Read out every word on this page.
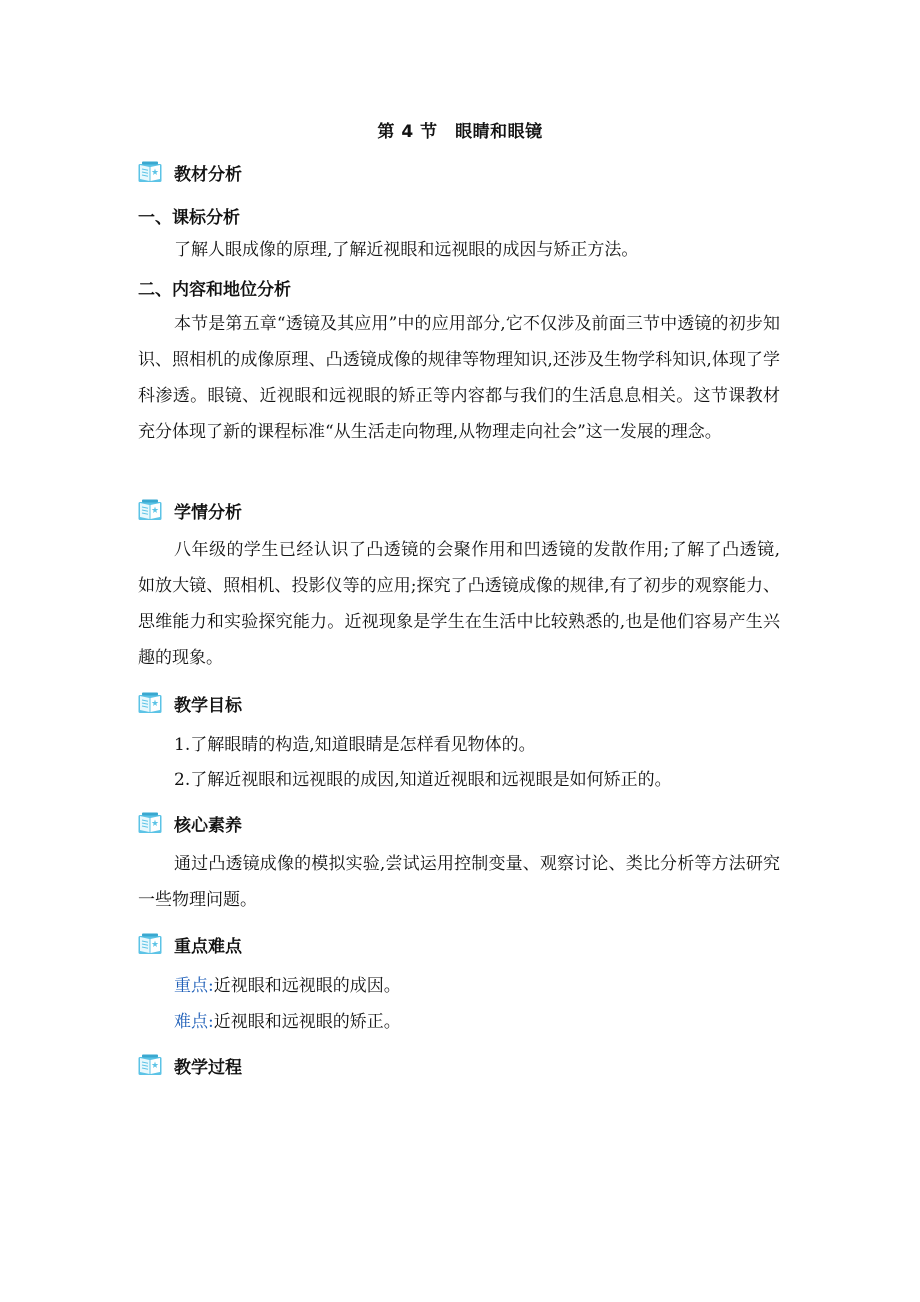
第 4 节　眼睛和眼镜
教材分析
一、课标分析

了解人眼成像的原理,了解近视眼和远视眼的成因与矫正方法。

二、内容和地位分析

本节是第五章“透镜及其应用”中的应用部分,它不仅涉及前面三节中透镜的初步知识、照相机的成像原理、凸透镜成像的规律等物理知识,还涉及生物学科知识,体现了学科渗透。眼镜、近视眼和远视眼的矫正等内容都与我们的生活息息相关。这节课教材充分体现了新的课程标准“从生活走向物理,从物理走向社会”这一发展的理念。

学情分析

八年级的学生已经认识了凸透镜的会聚作用和凹透镜的发散作用;了解了凸透镜,如放大镜、照相机、投影仪等的应用;探究了凸透镜成像的规律,有了初步的观察能力、思维能力和实验探究能力。近视现象是学生在生活中比较熟悉的,也是他们容易产生兴趣的现象。

教学目标

1.了解眼睛的构造,知道眼睛是怎样看见物体的。

2.了解近视眼和远视眼的成因,知道近视眼和远视眼是如何矫正的。

核心素养

通过凸透镜成像的模拟实验,尝试运用控制变量、观察讨论、类比分析等方法研究一些物理问题。

重点难点

重点:近视眼和远视眼的成因。

难点:近视眼和远视眼的矫正。

教学过程
